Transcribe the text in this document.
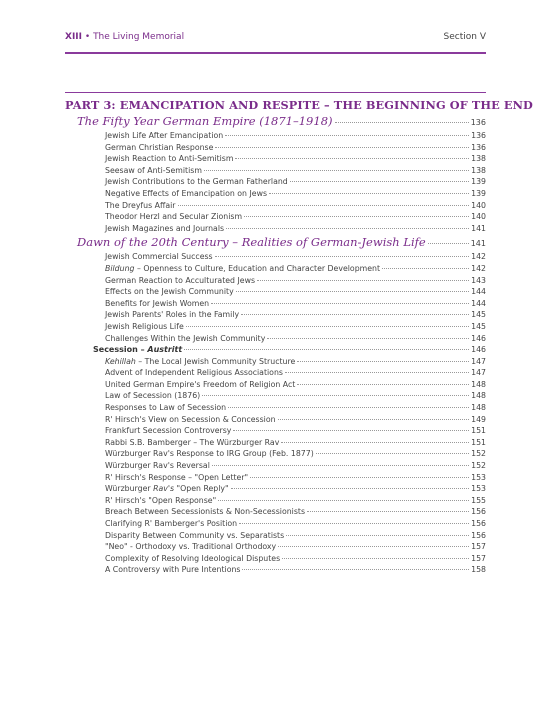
XIII • The Living Memorial	Section V
PART 3: EMANCIPATION AND RESPITE – THE BEGINNING OF THE END
The Fifty Year German Empire (1871–1918)	136
Jewish Life After Emancipation	136
German Christian Response	136
Jewish Reaction to Anti-Semitism	138
Seesaw of Anti-Semitism	138
Jewish Contributions to the German Fatherland	139
Negative Effects of Emancipation on Jews	139
The Dreyfus Affair	140
Theodor Herzl and Secular Zionism	140
Jewish Magazines and Journals	141
Dawn of the 20th Century – Realities of German-Jewish Life	141
Jewish Commercial Success	142
Bildung – Openness to Culture, Education and Character Development	142
German Reaction to Acculturated Jews	143
Effects on the Jewish Community	144
Benefits for Jewish Women	144
Jewish Parents' Roles in the Family	145
Jewish Religious Life	145
Challenges Within the Jewish Community	146
Secession – Austritt	146
Kehillah – The Local Jewish Community Structure	147
Advent of Independent Religious Associations	147
United German Empire's Freedom of Religion Act	148
Law of Secession (1876)	148
Responses to Law of Secession	148
R' Hirsch's View on Secession & Concession	149
Frankfurt Secession Controversy	151
Rabbi S.B. Bamberger – The Würzburger Rav	151
Würzburger Rav's Response to IRG Group (Feb. 1877)	152
Würzburger Rav's Reversal	152
R' Hirsch's Response – "Open Letter"	153
Würzburger Rav's "Open Reply"	153
R' Hirsch's "Open Response"	155
Breach Between Secessionists & Non-Secessionists	156
Clarifying R' Bamberger's Position	156
Disparity Between Community vs. Separatists	156
"Neo" - Orthodoxy vs. Traditional Orthodoxy	157
Complexity of Resolving Ideological Disputes	157
A Controversy with Pure Intentions	158
